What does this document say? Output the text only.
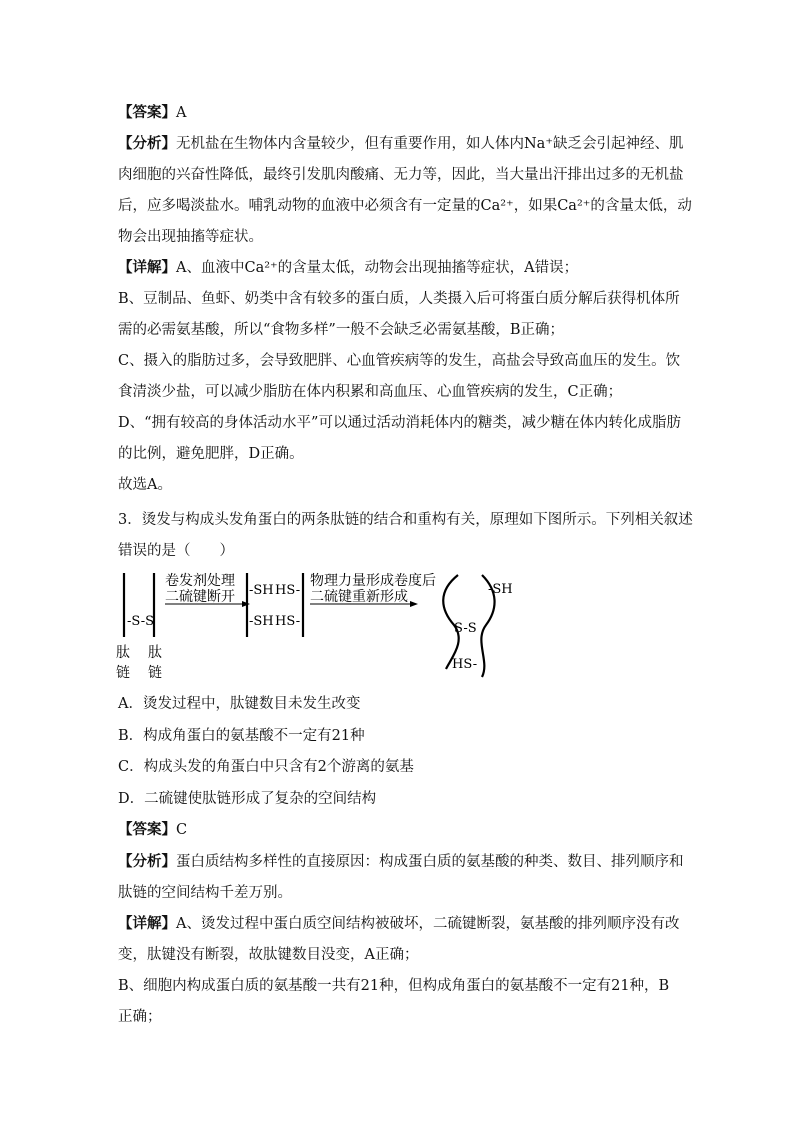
【答案】A

【分析】无机盐在生物体内含量较少，但有重要作用，如人体内Na⁺缺乏会引起神经、肌
肉细胞的兴奋性降低，最终引发肌肉酸痛、无力等，因此，当大量出汗排出过多的无机盐
后，应多喝淡盐水。哺乳动物的血液中必须含有一定量的Ca²⁺，如果Ca²⁺的含量太低，动
物会出现抽搐等症状。

【详解】A、血液中Ca²⁺的含量太低，动物会出现抽搐等症状，A错误；
B、豆制品、鱼虾、奶类中含有较多的蛋白质，人类摄入后可将蛋白质分解后获得机体所
需的必需氨基酸，所以“食物多样”一般不会缺乏必需氨基酸，B正确；
C、摄入的脂肪过多，会导致肥胖、心血管疾病等的发生，高盐会导致高血压的发生。饮
食清淡少盐，可以减少脂肪在体内积累和高血压、心血管疾病的发生，C正确；
D、“拥有较高的身体活动水平”可以通过活动消耗体内的糖类，减少糖在体内转化成脂肪
的比例，避免肥胖，D正确。
故选A。

3．烫发与构成头发角蛋白的两条肽链的结合和重构有关，原理如下图所示。下列相关叙述
错误的是（　　）

-S-S
肽
链
肽
链
卷发剂处理
二硫键断开 -SH
-SH
HS-
HS-
物理力量形成卷度后
二硫键重新形成	-SH
S-S
HS-
A．烫发过程中，肽键数目未发生改变
B．构成角蛋白的氨基酸不一定有21种
C．构成头发的角蛋白中只含有2个游离的氨基
D．二硫键使肽链形成了复杂的空间结构

【答案】C

【分析】蛋白质结构多样性的直接原因：构成蛋白质的氨基酸的种类、数目、排列顺序和
肽链的空间结构千差万别。

【详解】A、烫发过程中蛋白质空间结构被破坏，二硫键断裂，氨基酸的排列顺序没有改
变，肽键没有断裂，故肽键数目没变，A正确；
B、细胞内构成蛋白质的氨基酸一共有21种，但构成角蛋白的氨基酸不一定有21种，B
正确；
